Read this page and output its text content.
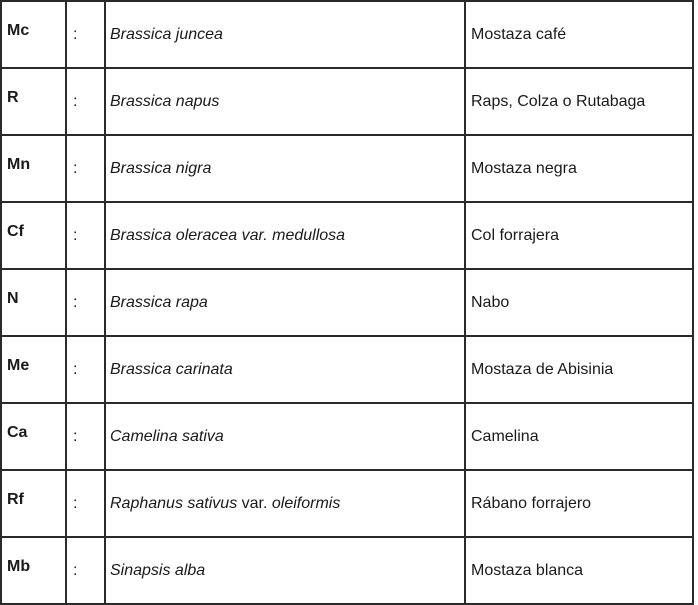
Mc	:	Brassica juncea	Mostaza café
R	:	Brassica napus	Raps, Colza o Rutabaga
Mn	:	Brassica nigra	Mostaza negra
Cf	:	Brassica oleracea var. medullosa	Col forrajera
N	:	Brassica rapa	Nabo
Me	:	Brassica carinata	Mostaza de Abisinia
Ca	:	Camelina sativa	Camelina
Rf	:	Raphanus sativus var. oleiformis	Rábano forrajero
Mb	:	Sinapsis alba	Mostaza blanca
